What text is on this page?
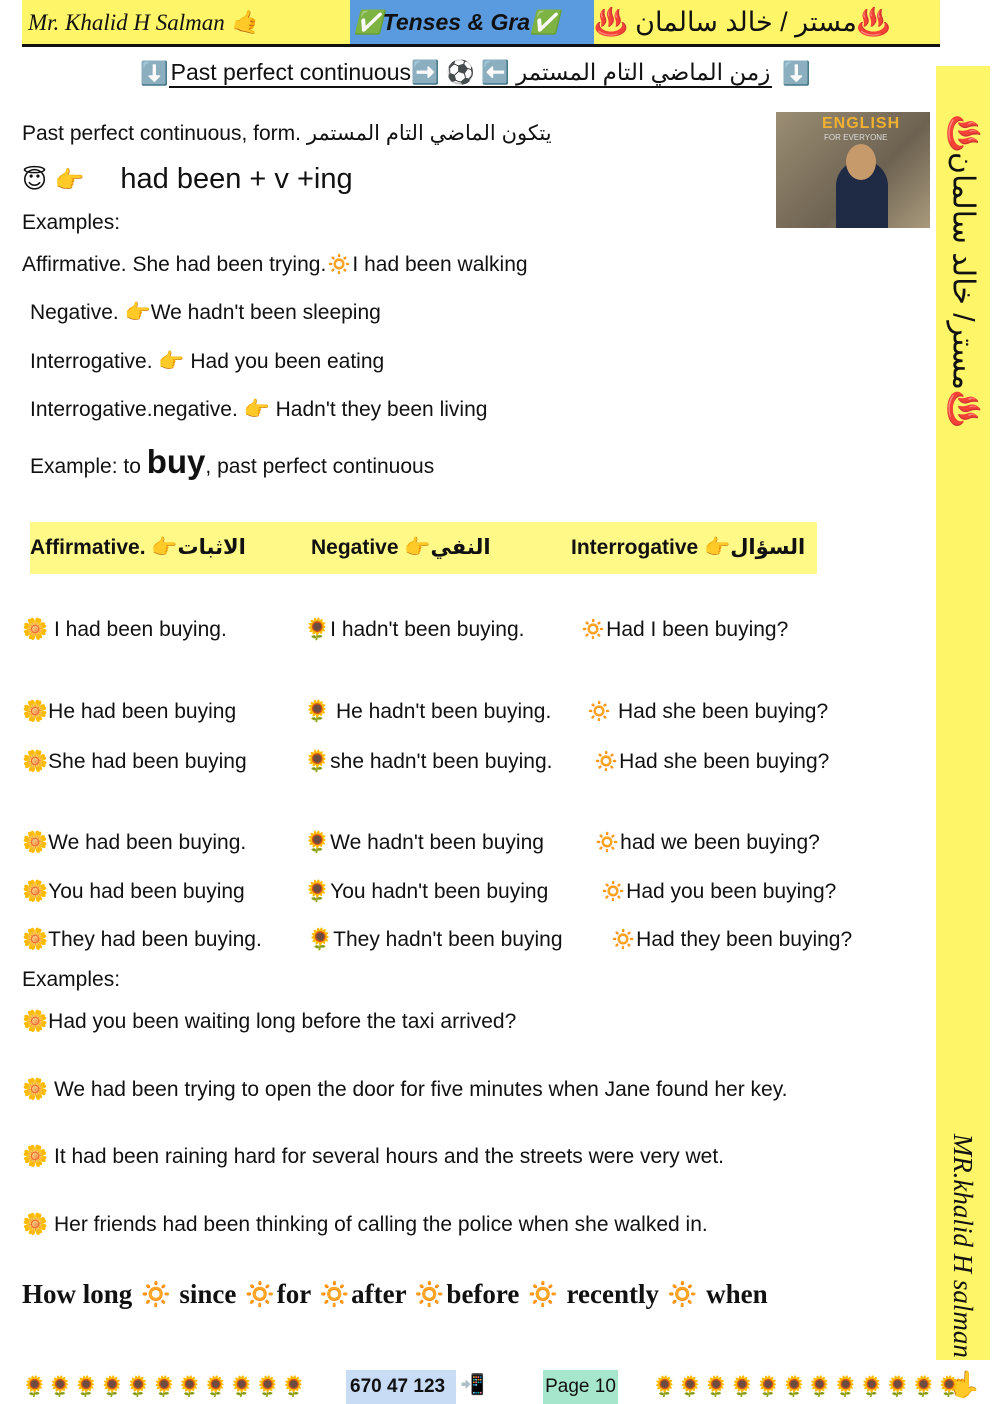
Mr. Khalid H Salman 🤙	✅Tenses & Gra✅	♨️مستر / خالد سالمان ♨️
⬇️ Past perfect continuous➡️ ⚽️ ⬅️ زمن الماضي التام المستمر ⬇️
♨️مستر/ خالد سالمان♨️
MR.khalid H salman 👈
ENGLISH
FOR EVERYONE
Past perfect continuous, form. يتكون الماضي التام المستمر
😇 👉 had been + v +ing
Examples:
Affirmative. She had been trying.🔅I had been walking
Negative. 👉We hadn't been sleeping
Interrogative. 👉 Had you been eating
Interrogative.negative. 👉 Hadn't they been living
Example: to buy, past perfect continuous
Affirmative. 👉الاثبات	Negative 👉النفي	Interrogative 👉السؤال
🌼 I had been buying.	🌻I hadn't been buying.	🔅Had I been buying?
🌼He had been buying	🌻 He hadn't been buying. 🔅 Had she been buying?
🌼She had been buying	🌻she hadn't been buying. 🔅Had she been buying?
🌼We had been buying.	🌻We hadn't been buying 🔅had we been buying?
🌼You had been buying	🌻You hadn't been buying 🔅Had you been buying?
🌼They had been buying. 🌻They hadn't been buying 🔅Had they been buying?
Examples:
🌼Had you been waiting long before the taxi arrived?
🌼 We had been trying to open the door for five minutes when Jane found her key.
🌼 It had been raining hard for several hours and the streets were very wet.
🌼 Her friends had been thinking of calling the police when she walked in.
How long 🔅 since 🔅for 🔅after 🔅before 🔅 recently 🔅 when
🌻🌻🌻🌻🌻🌻🌻🌻🌻🌻🌻 670 47 123 📲	Page 10 🌻🌻🌻🌻🌻🌻🌻🌻🌻🌻🌻🌻
